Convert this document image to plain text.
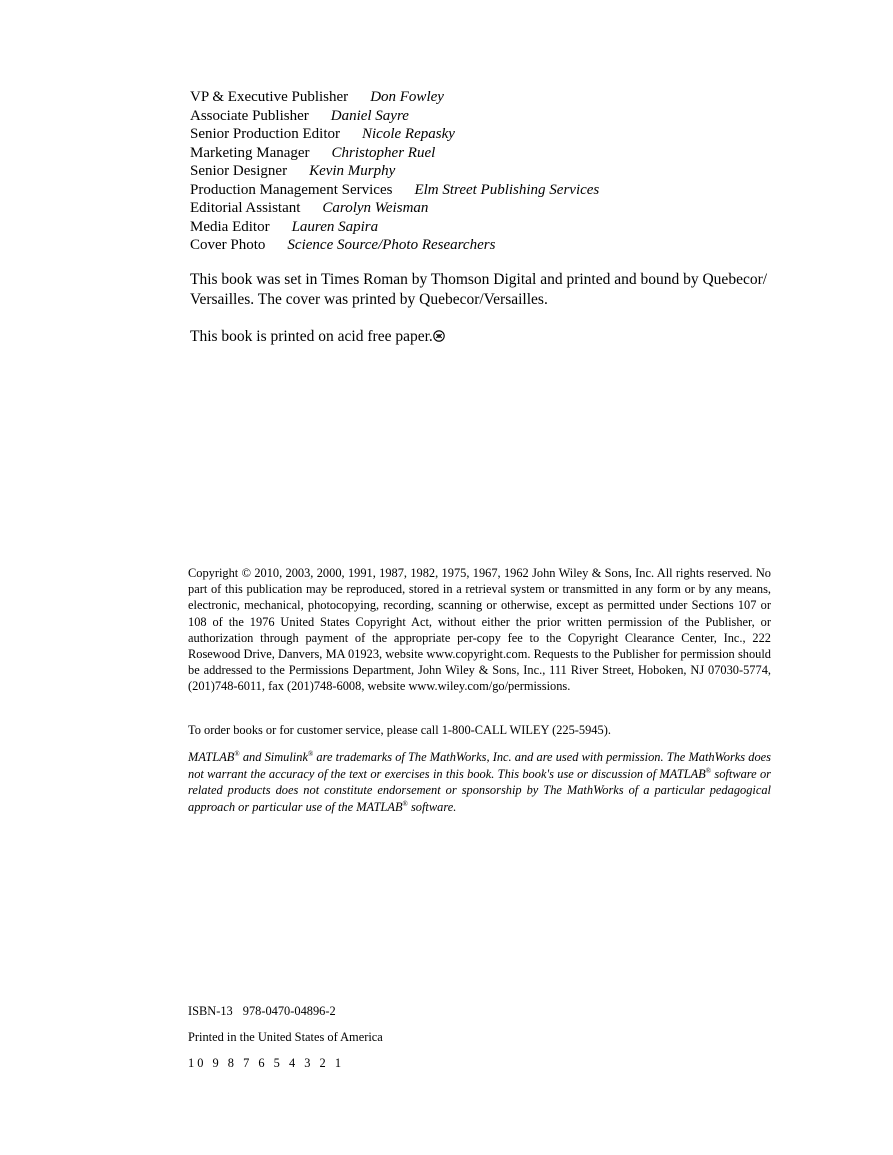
VP & Executive Publisher Don Fowley
Associate Publisher Daniel Sayre
Senior Production Editor Nicole Repasky
Marketing Manager Christopher Ruel
Senior Designer Kevin Murphy
Production Management Services Elm Street Publishing Services
Editorial Assistant Carolyn Weisman
Media Editor Lauren Sapira
Cover Photo Science Source/Photo Researchers

This book was set in Times Roman by Thomson Digital and printed and bound by Quebecor/

Versailles. The cover was printed by Quebecor/Versailles.

This book is printed on acid free paper.

Copyright © 2010, 2003, 2000, 1991, 1987, 1982, 1975, 1967, 1962 John Wiley & Sons, Inc. All rights reserved. No part of this publication may be reproduced, stored in a retrieval system or transmitted in any form or by any means, electronic, mechanical, photocopying, recording, scanning or otherwise, except as permitted under Sections 107 or 108 of the 1976 United States Copyright Act, without either the prior written permission of the Publisher, or authorization through payment of the appropriate per-copy fee to the Copyright Clearance Center, Inc., 222 Rosewood Drive, Danvers, MA 01923, website www.copyright.com. Requests to the Publisher for permission should be addressed to the Permissions Department, John Wiley & Sons, Inc., 111 River Street, Hoboken, NJ 07030-5774, (201)748-6011, fax (201)748-6008, website www.wiley.com/go/permissions.

To order books or for customer service, please call 1-800-CALL WILEY (225-5945).

MATLAB® and Simulink® are trademarks of The MathWorks, Inc. and are used with permission. The MathWorks does not warrant the accuracy of the text or exercises in this book. This book's use or discussion of MATLAB® software or related products does not constitute endorsement or sponsorship by The MathWorks of a particular pedagogical approach or particular use of the MATLAB® software.

ISBN-13 978-0470-04896-2
Printed in the United States of America
10 9 8 7 6 5 4 3 2 1
